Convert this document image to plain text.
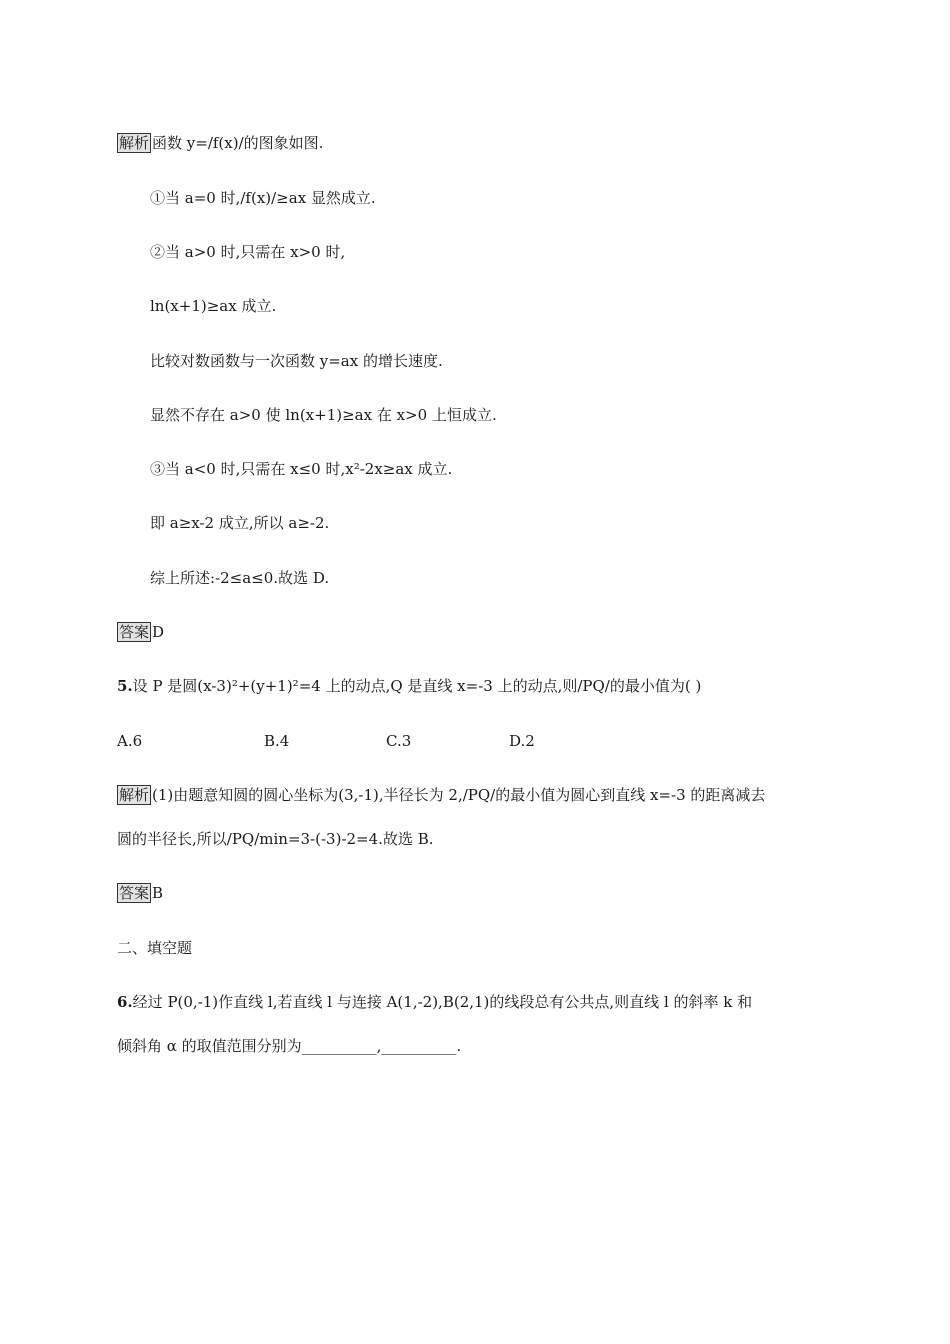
解析 函数 y=/f(x)/的图象如图.
①当 a=0 时,/f(x)/≥ax 显然成立.
②当 a>0 时,只需在 x>0 时,
ln(x+1)≥ax 成立.
比较对数函数与一次函数 y=ax 的增长速度.
显然不存在 a>0 使 ln(x+1)≥ax 在 x>0 上恒成立.
③当 a<0 时,只需在 x≤0 时,x²-2x≥ax 成立.
即 a≥x-2 成立,所以 a≥-2.
综上所述:-2≤a≤0.故选 D.
答案 D
5.设 P 是圆(x-3)²+(y+1)²=4 上的动点,Q 是直线 x=-3 上的动点,则/PQ/的最小值为( )
A.6	B.4	C.3	D.2
解析 (1)由题意知圆的圆心坐标为(3,-1),半径长为 2,/PQ/的最小值为圆心到直线 x=-3 的距离减去
圆的半径长,所以/PQ/min=3-(-3)-2=4.故选 B.
答案 B
二、填空题
6.经过 P(0,-1)作直线 l,若直线 l 与连接 A(1,-2),B(2,1)的线段总有公共点,则直线 l 的斜率 k 和
倾斜角 α 的取值范围分别为__________,__________.
